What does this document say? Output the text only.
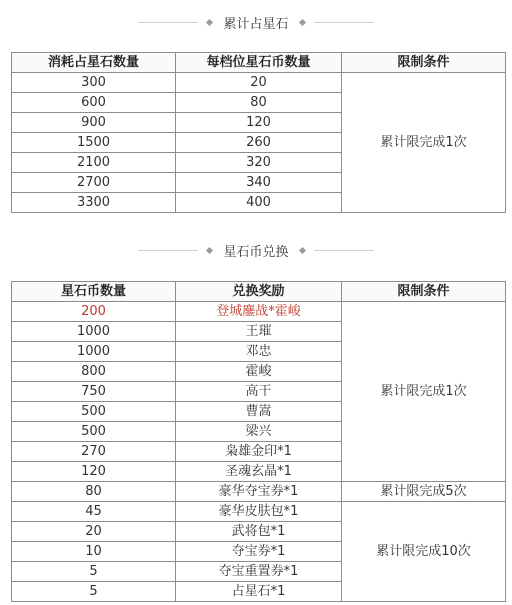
累计占星石
消耗占星石数量	每档位星石币数量	限制条件
300	20	累计限完成1次
600	80	
900	120	
1500	260	
2100	320	
2700	340	
3300	400	
星石币兑换
星石币数量	兑换奖励	限制条件
200	登城鏖战*霍峻	累计限完成1次
1000	王璀	
1000	邓忠	
800	霍峻	
750	高干	
500	曹嵩	
500	梁兴	
270	枭雄金印*1	
120	圣魂玄晶*1	
80	豪华夺宝券*1	累计限完成5次
45	豪华皮肤包*1	累计限完成10次
20	武将包*1	
10	夺宝券*1	
5	夺宝重置券*1	
5	占星石*1	
